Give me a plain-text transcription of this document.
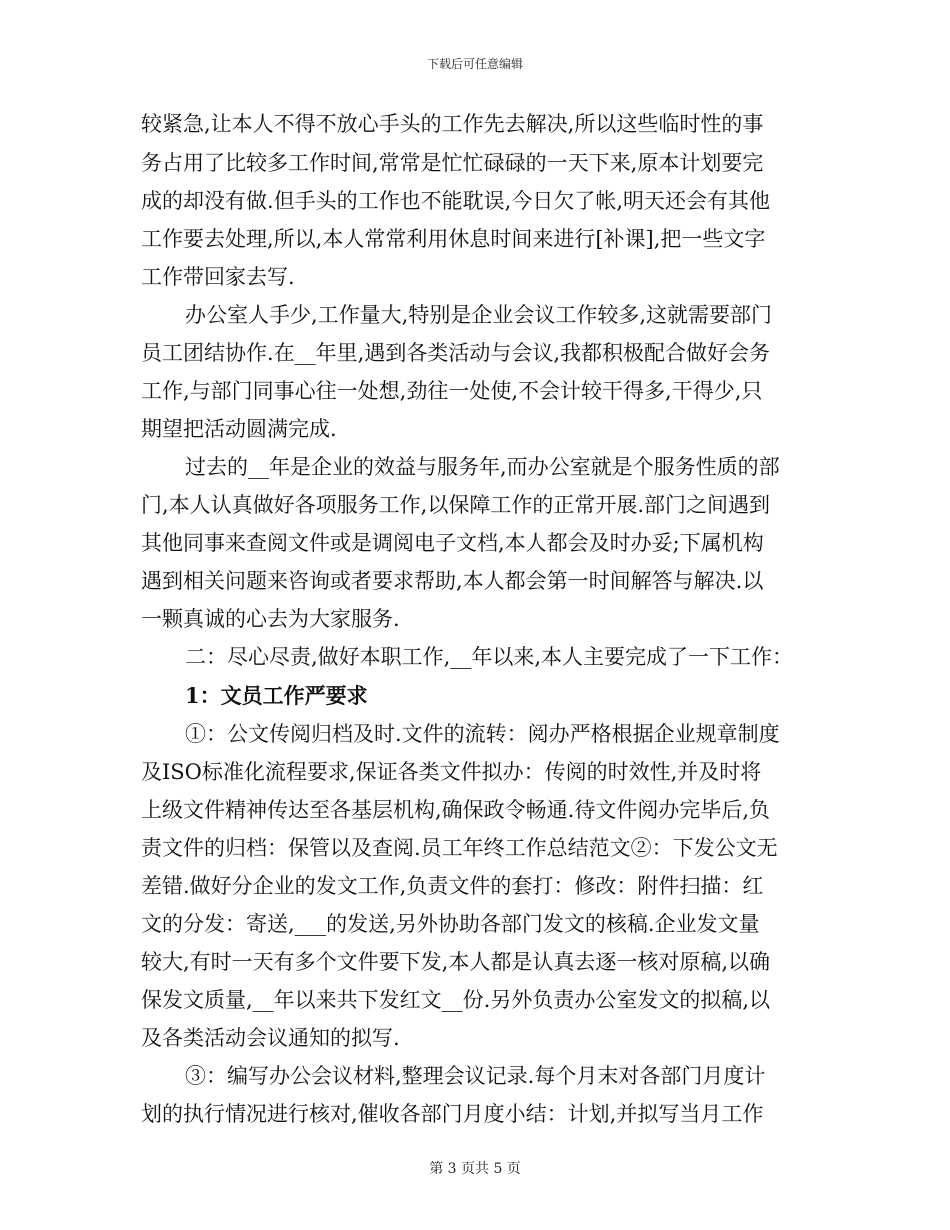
下载后可任意编辑
较紧急,让本人不得不放心手头的工作先去解决,所以这些临时性的事
务占用了比较多工作时间,常常是忙忙碌碌的一天下来,原本计划要完
成的却没有做.但手头的工作也不能耽误,今日欠了帐,明天还会有其他
工作要去处理,所以,本人常常利用休息时间来进行[补课],把一些文字
工作带回家去写.
办公室人手少,工作量大,特别是企业会议工作较多,这就需要部门
员工团结协作.在__年里,遇到各类活动与会议,我都积极配合做好会务
工作,与部门同事心往一处想,劲往一处使,不会计较干得多,干得少,只
期望把活动圆满完成.
过去的__年是企业的效益与服务年,而办公室就是个服务性质的部
门,本人认真做好各项服务工作,以保障工作的正常开展.部门之间遇到
其他同事来查阅文件或是调阅电子文档,本人都会及时办妥;下属机构
遇到相关问题来咨询或者要求帮助,本人都会第一时间解答与解决.以
一颗真诚的心去为大家服务.
二：尽心尽责,做好本职工作,__年以来,本人主要完成了一下工作：
1：文员工作严要求
①：公文传阅归档及时.文件的流转：阅办严格根据企业规章制度
及ISO标准化流程要求,保证各类文件拟办：传阅的时效性,并及时将
上级文件精神传达至各基层机构,确保政令畅通.待文件阅办完毕后,负
责文件的归档：保管以及查阅.员工年终工作总结范文②：下发公文无
差错.做好分企业的发文工作,负责文件的套打：修改：附件扫描：红
文的分发：寄送,___的发送,另外协助各部门发文的核稿.企业发文量
较大,有时一天有多个文件要下发,本人都是认真去逐一核对原稿,以确
保发文质量,__年以来共下发红文__份.另外负责办公室发文的拟稿,以
及各类活动会议通知的拟写.
③：编写办公会议材料,整理会议记录.每个月末对各部门月度计
划的执行情况进行核对,催收各部门月度小结：计划,并拟写当月工作
第 3 页共 5 页
